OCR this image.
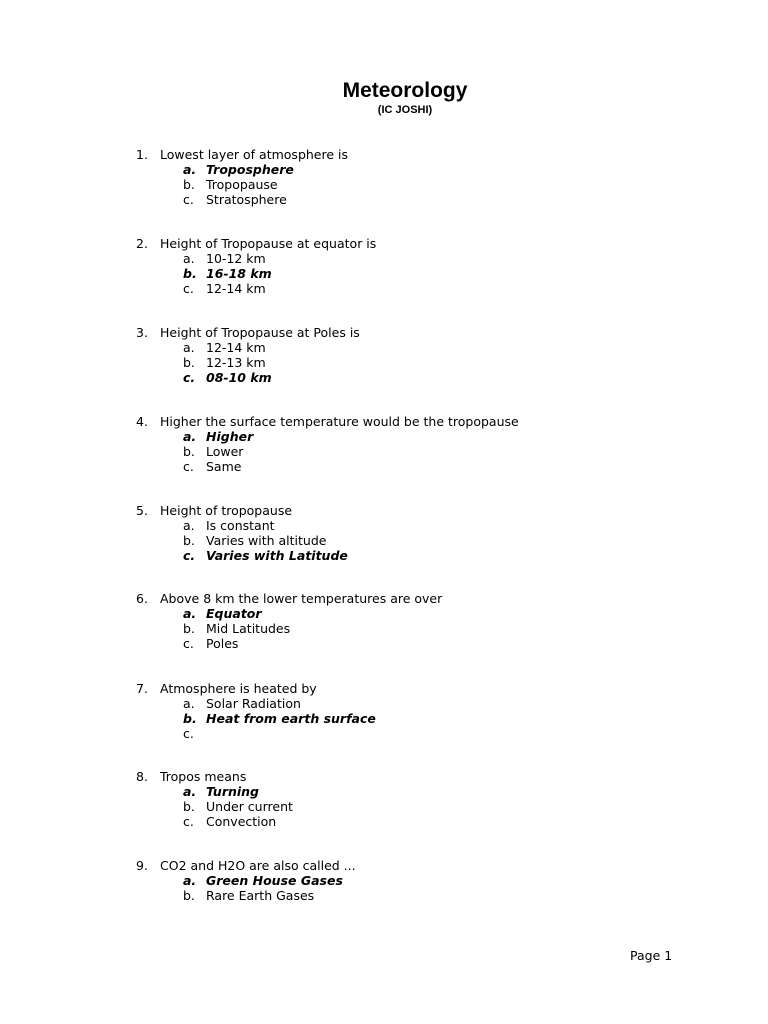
Meteorology
(IC JOSHI)
1. Lowest layer of atmosphere is
a. Troposphere
b. Tropopause
c. Stratosphere
2. Height of Tropopause at equator is
a. 10-12 km
b. 16-18 km
c. 12-14 km
3. Height of Tropopause at Poles is
a. 12-14 km
b. 12-13 km
c. 08-10 km
4. Higher the surface temperature would be the tropopause
a. Higher
b. Lower
c. Same
5. Height of tropopause
a. Is constant
b. Varies with altitude
c. Varies with Latitude
6. Above 8 km the lower temperatures are over
a. Equator
b. Mid Latitudes
c. Poles
7. Atmosphere is heated by
a. Solar Radiation
b. Heat from earth surface
c.
8. Tropos means
a. Turning
b. Under current
c. Convection
9. CO2 and H2O are also called ...
a. Green House Gases
b. Rare Earth Gases
Page 1
